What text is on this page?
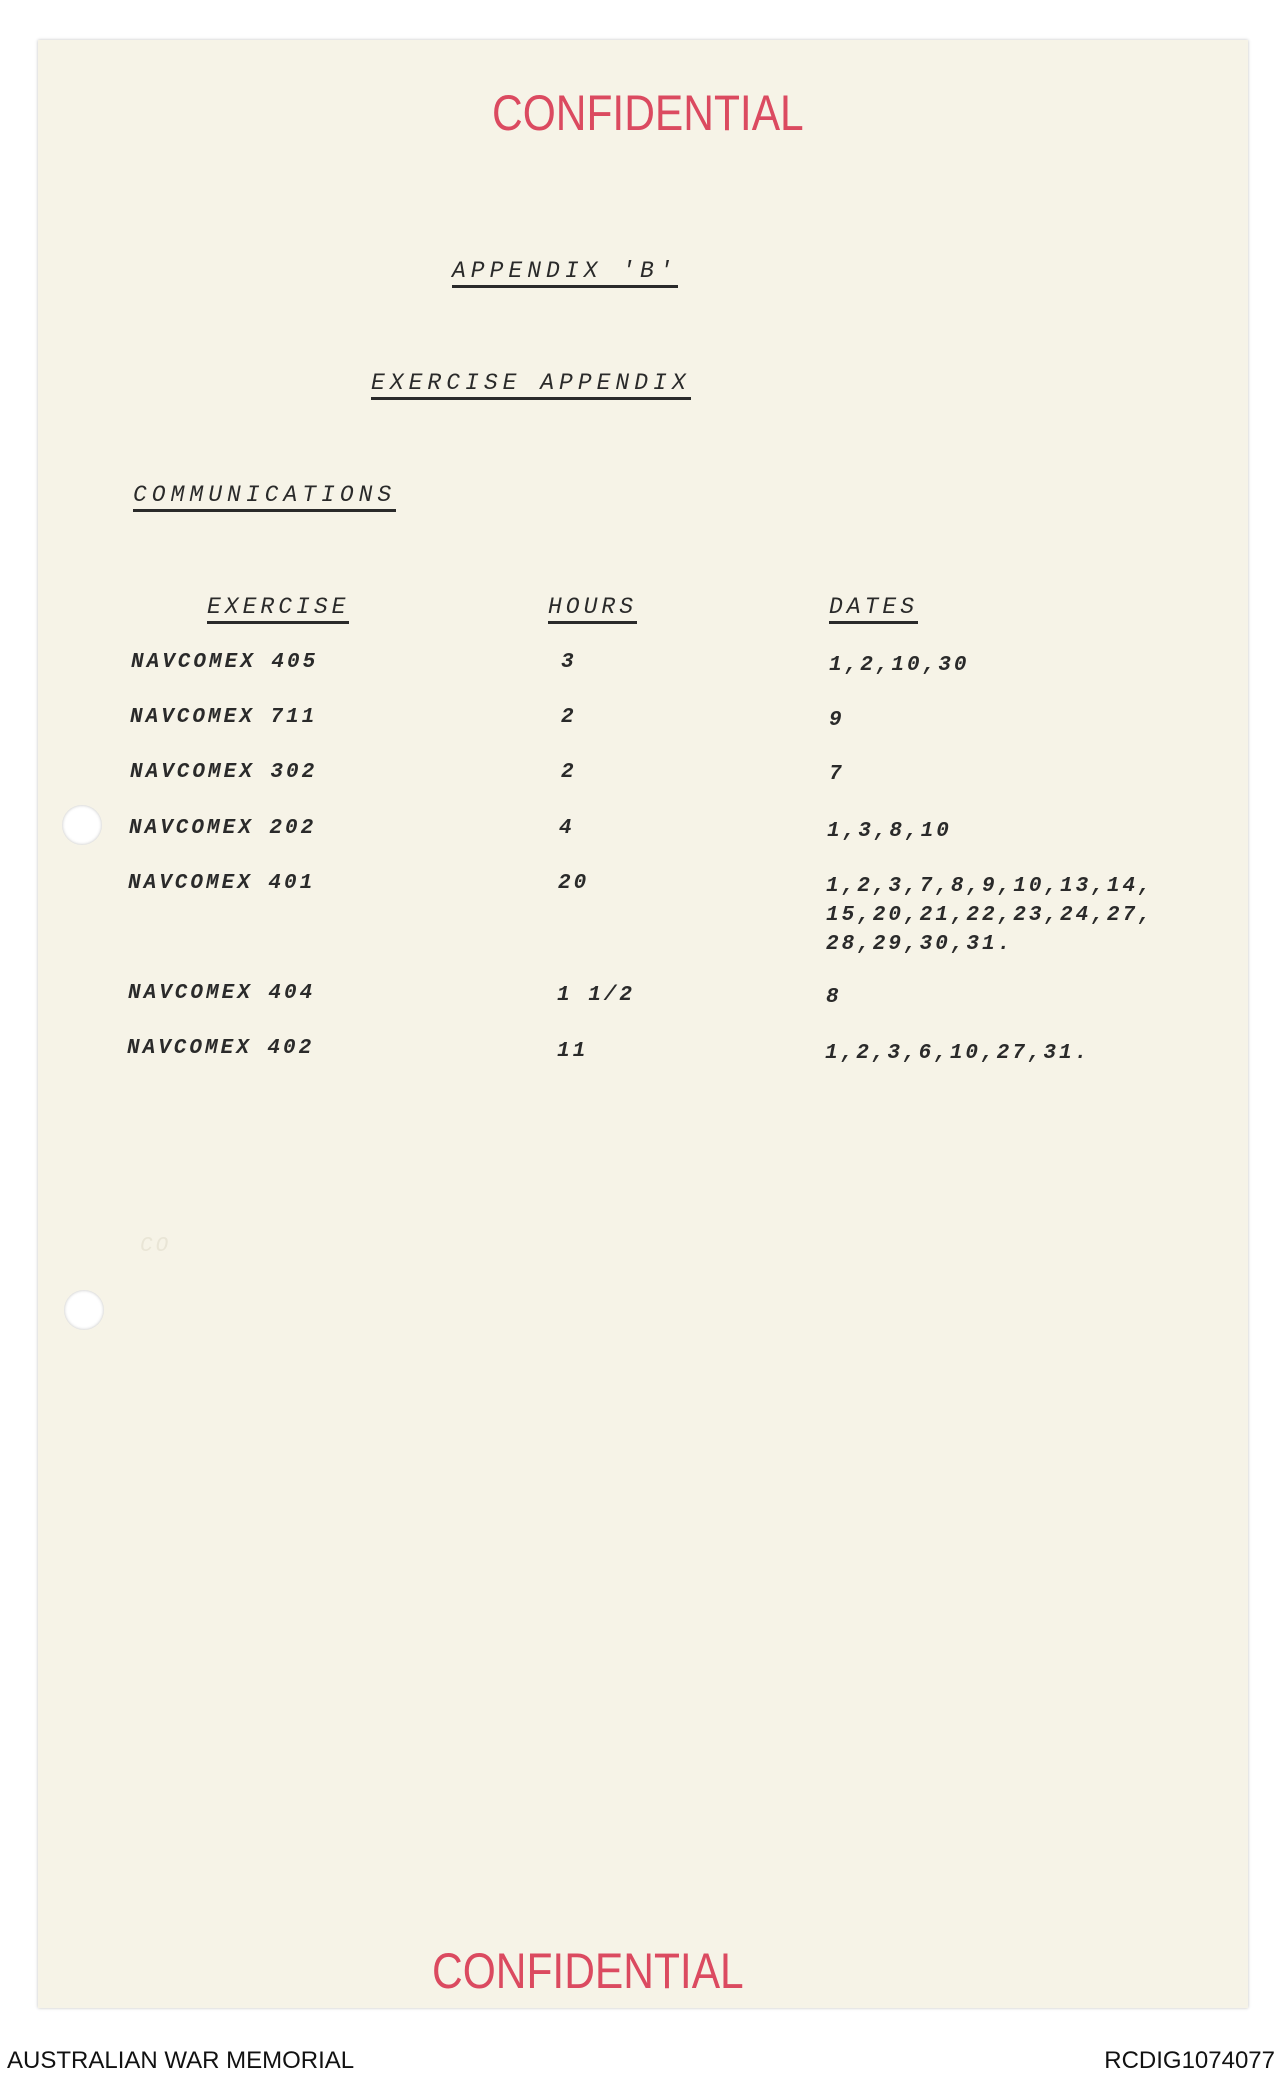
CO
CONFIDENTIAL
APPENDIX 'B'
EXERCISE APPENDIX
COMMUNICATIONS
EXERCISE	HOURS	DATES
NAVCOMEX 405	3	1,2,10,30
NAVCOMEX 711	2	9
NAVCOMEX 302	2	7
NAVCOMEX 202	4	1,3,8,10
NAVCOMEX 401	20	1,2,3,7,8,9,10,13,14,
15,20,21,22,23,24,27,
28,29,30,31.
NAVCOMEX 404	1 1/2	8
NAVCOMEX 402	11	1,2,3,6,10,27,31.
CONFIDENTIAL
AUSTRALIAN WAR MEMORIAL	RCDIG1074077
